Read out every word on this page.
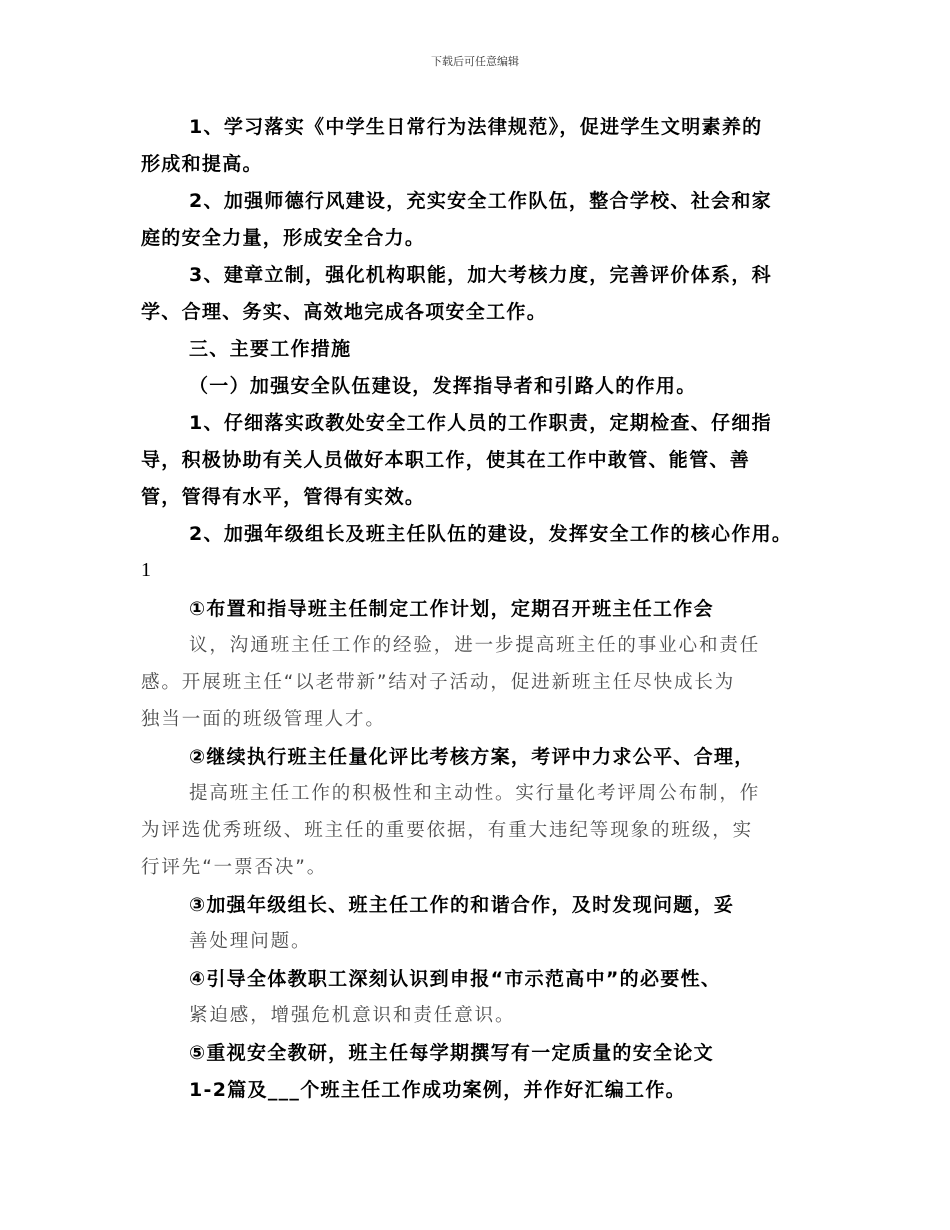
下载后可任意编辑
1、学习落实《中学生日常行为法律规范》，促进学生文明素养的
形成和提高。
2、加强师德行风建设，充实安全工作队伍，整合学校、社会和家
庭的安全力量，形成安全合力。
3、建章立制，强化机构职能，加大考核力度，完善评价体系，科
学、合理、务实、高效地完成各项安全工作。
三、主要工作措施
（一）加强安全队伍建设，发挥指导者和引路人的作用。
1、仔细落实政教处安全工作人员的工作职责，定期检查、仔细指
导，积极协助有关人员做好本职工作，使其在工作中敢管、能管、善
管，管得有水平，管得有实效。
2、加强年级组长及班主任队伍的建设，发挥安全工作的核心作用。
1
①布置和指导班主任制定工作计划，定期召开班主任工作会
议，沟通班主任工作的经验，进一步提高班主任的事业心和责任
感。开展班主任“以老带新”结对子活动，促进新班主任尽快成长为
独当一面的班级管理人才。
②继续执行班主任量化评比考核方案，考评中力求公平、合理，
提高班主任工作的积极性和主动性。实行量化考评周公布制，作
为评选优秀班级、班主任的重要依据，有重大违纪等现象的班级，实
行评先“一票否决”。
③加强年级组长、班主任工作的和谐合作，及时发现问题，妥
善处理问题。
④引导全体教职工深刻认识到申报“市示范高中”的必要性、
紧迫感，增强危机意识和责任意识。
⑤重视安全教研，班主任每学期撰写有一定质量的安全论文
1-2篇及___个班主任工作成功案例，并作好汇编工作。
